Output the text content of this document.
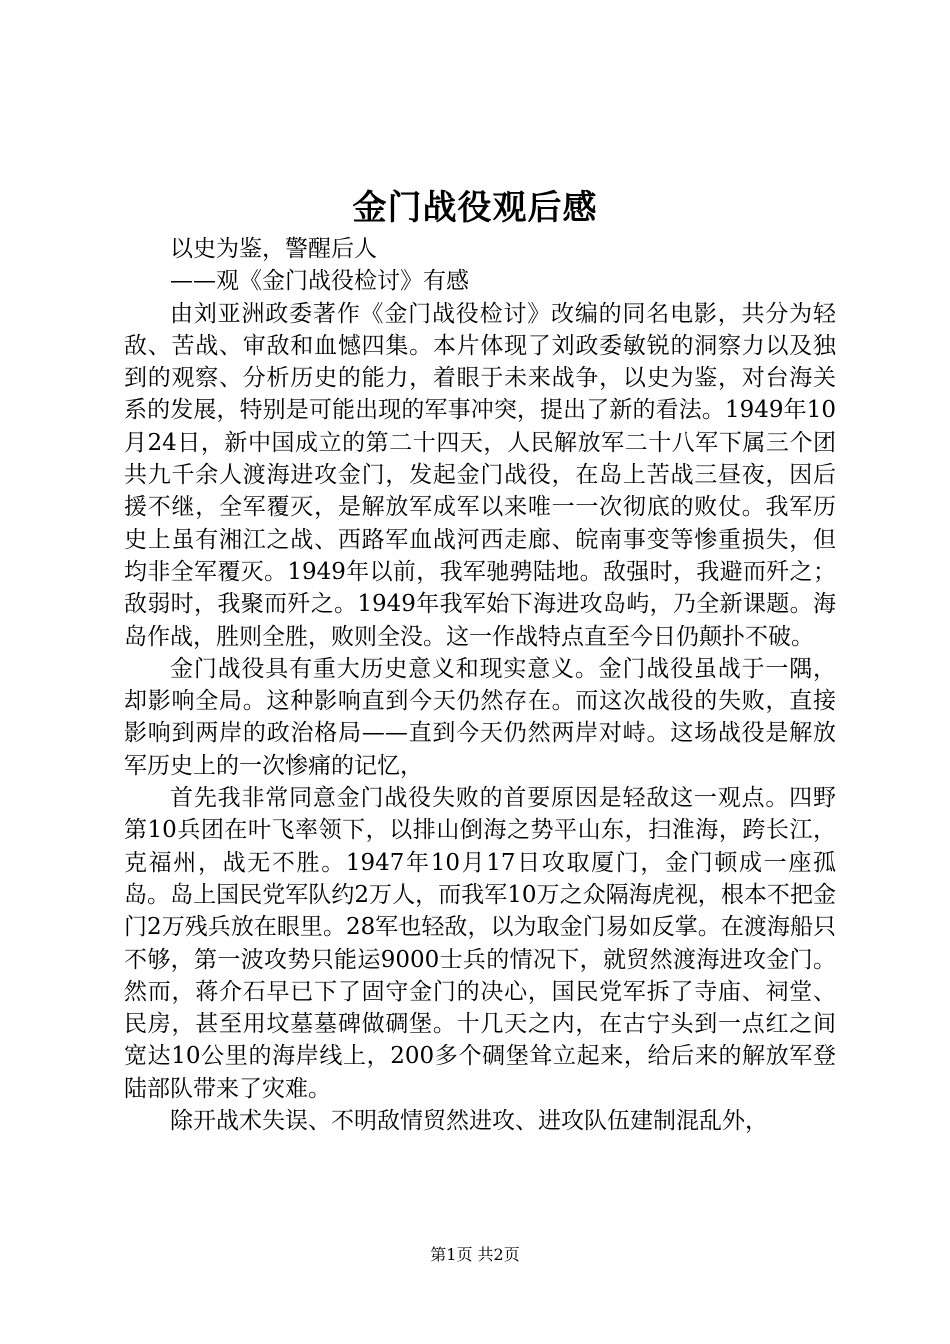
金门战役观后感

以史为鉴，警醒后人

——观《金门战役检讨》有感

由刘亚洲政委著作《金门战役检讨》改编的同名电影，共分为轻敌、苦战、审敌和血憾四集。本片体现了刘政委敏锐的洞察力以及独到的观察、分析历史的能力，着眼于未来战争，以史为鉴，对台海关系的发展，特别是可能出现的军事冲突，提出了新的看法。1949年10月24日，新中国成立的第二十四天，人民解放军二十八军下属三个团共九千余人渡海进攻金门，发起金门战役，在岛上苦战三昼夜，因后援不继，全军覆灭，是解放军成军以来唯一一次彻底的败仗。我军历史上虽有湘江之战、西路军血战河西走廊、皖南事变等惨重损失，但均非全军覆灭。1949年以前，我军驰骋陆地。敌强时，我避而歼之；敌弱时，我聚而歼之。1949年我军始下海进攻岛屿，乃全新课题。海岛作战，胜则全胜，败则全没。这一作战特点直至今日仍颠扑不破。

金门战役具有重大历史意义和现实意义。金门战役虽战于一隅，却影响全局。这种影响直到今天仍然存在。而这次战役的失败，直接影响到两岸的政治格局——直到今天仍然两岸对峙。这场战役是解放军历史上的一次惨痛的记忆，

首先我非常同意金门战役失败的首要原因是轻敌这一观点。四野第10兵团在叶飞率领下，以排山倒海之势平山东，扫淮海，跨长江，克福州，战无不胜。1947年10月17日攻取厦门，金门顿成一座孤岛。岛上国民党军队约2万人，而我军10万之众隔海虎视，根本不把金门2万残兵放在眼里。28军也轻敌，以为取金门易如反掌。在渡海船只不够，第一波攻势只能运9000士兵的情况下，就贸然渡海进攻金门。然而，蒋介石早已下了固守金门的决心，国民党军拆了寺庙、祠堂、民房，甚至用坟墓墓碑做碉堡。十几天之内，在古宁头到一点红之间宽达10公里的海岸线上，200多个碉堡耸立起来，给后来的解放军登陆部队带来了灾难。

除开战术失误、不明敌情贸然进攻、进攻队伍建制混乱外，

第1页 共2页
